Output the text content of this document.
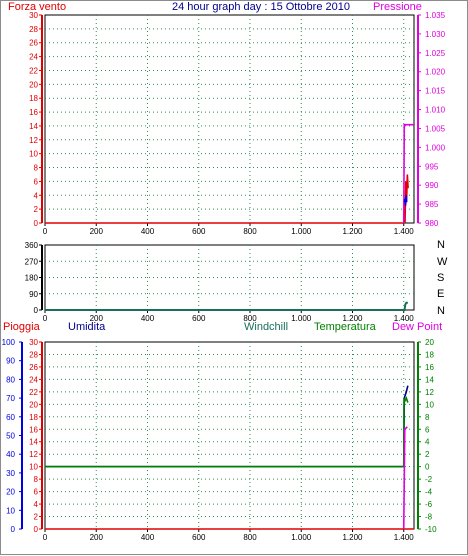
Forza vento	24 hour graph day : 15 Ottobre 2010 Pressione
Pioggia	Umidita	Windchill Temperatura Dew Point
N
W
S
E
N
0	200	400	600	800	1.000	1.200	1.400
0
2
4
6
8
10
12
14
16
18
20
22
24
26
28
30
980
985
990
995
1.000
1.005
1.010
1.015
1.020
1.025
1.030
1.035
0	200	400	600	800	1.000	1.200	1.400
0
90
180
270
360
0	200	400	600	800	1.000	1.200	1.400
0
10
20
30
40
50
60
70
80
90
100
0
2
4
6
8
10
12
14
16
18
20
22
24
26
28
30
-10
-8
-6
-4
-2
0
2
4
6
8
10
12
14
16
18
20
